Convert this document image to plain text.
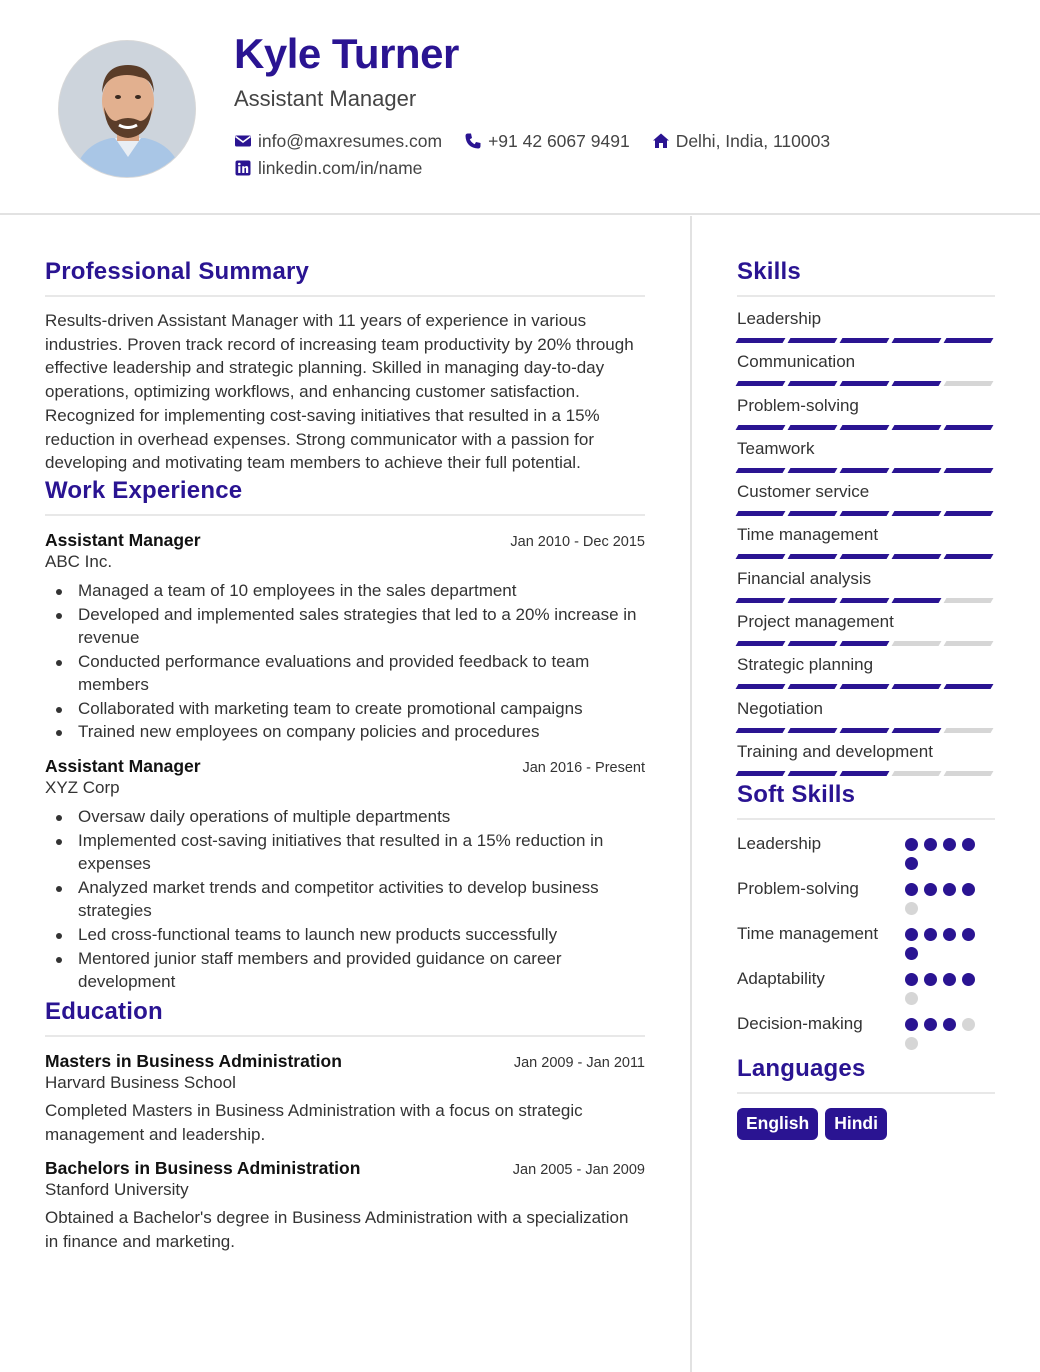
Kyle Turner
Assistant Manager
info@maxresumes.com	+91 42 6067 9491	Delhi, India, 110003
linkedin.com/in/name
Professional Summary
Results-driven Assistant Manager with 11 years of experience in various industries. Proven track record of increasing team productivity by 20% through effective leadership and strategic planning. Skilled in managing day-to-day operations, optimizing workflows, and enhancing customer satisfaction. Recognized for implementing cost-saving initiatives that resulted in a 15% reduction in overhead expenses. Strong communicator with a passion for developing and motivating team members to achieve their full potential.
Work Experience
Assistant Manager	Jan 2010 - Dec 2015
ABC Inc.
Managed a team of 10 employees in the sales department
Developed and implemented sales strategies that led to a 20% increase in revenue
Conducted performance evaluations and provided feedback to team members
Collaborated with marketing team to create promotional campaigns
Trained new employees on company policies and procedures
Assistant Manager	Jan 2016 - Present
XYZ Corp
Oversaw daily operations of multiple departments
Implemented cost-saving initiatives that resulted in a 15% reduction in expenses
Analyzed market trends and competitor activities to develop business strategies
Led cross-functional teams to launch new products successfully
Mentored junior staff members and provided guidance on career development
Education
Masters in Business Administration	Jan 2009 - Jan 2011
Harvard Business School
Completed Masters in Business Administration with a focus on strategic management and leadership.
Bachelors in Business Administration	Jan 2005 - Jan 2009
Stanford University
Obtained a Bachelor's degree in Business Administration with a specialization in finance and marketing.
Skills
Leadership
Communication
Problem-solving
Teamwork
Customer service
Time management
Financial analysis
Project management
Strategic planning
Negotiation
Training and development
Soft Skills
Leadership
Problem-solving
Time management
Adaptability
Decision-making
Languages
English	Hindi
